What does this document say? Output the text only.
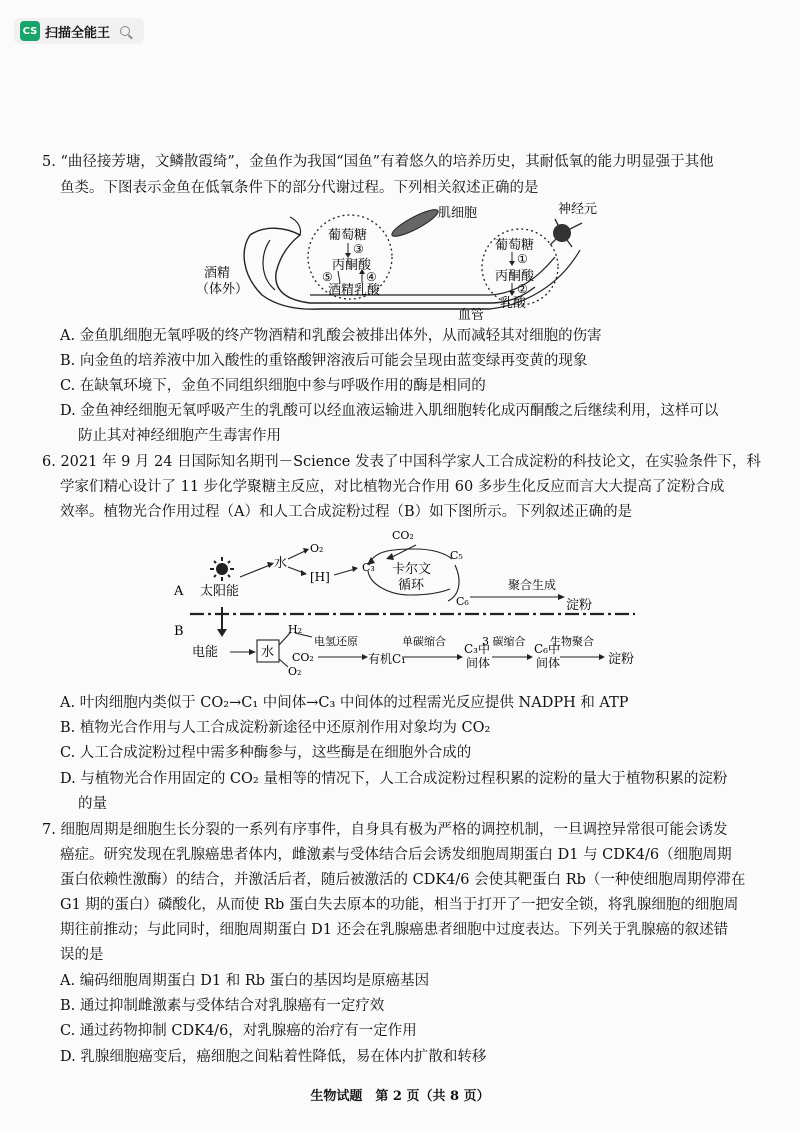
CS 扫描全能王
5. “曲径接芳塘，文鳞散霞绮”，金鱼作为我国“国鱼”有着悠久的培养历史，其耐低氧的能力明显强于其他
鱼类。下图表示金鱼在低氧条件下的部分代谢过程。下列相关叙述正确的是
肌细胞	神经元
葡萄糖
③
丙酮酸
⑤	④
酒精乳酸
葡萄糖
①
丙酮酸
②
乳酸
酒精
（体外）
血管
A. 金鱼肌细胞无氧呼吸的终产物酒精和乳酸会被排出体外，从而减轻其对细胞的伤害
B. 向金鱼的培养液中加入酸性的重铬酸钾溶液后可能会呈现由蓝变绿再变黄的现象
C. 在缺氧环境下，金鱼不同组织细胞中参与呼吸作用的酶是相同的
D. 金鱼神经细胞无氧呼吸产生的乳酸可以经血液运输进入肌细胞转化成丙酮酸之后继续利用，这样可以
防止其对神经细胞产生毒害作用
6. 2021 年 9 月 24 日国际知名期刊－Science 发表了中国科学家人工合成淀粉的科技论文，在实验条件下，科
学家们精心设计了 11 步化学聚糖主反应，对比植物光合作用 60 多步生化反应而言大大提高了淀粉合成
效率。植物光合作用过程（A）和人工合成淀粉过程（B）如下图所示。下列叙述正确的是
A
B
太阳能
水
O₂
[H]
CO₂
C₃
C₅
卡尔文
循环
C₆
聚合生成
淀粉
电能	水
H₂
O₂
CO₂
电氢还原
有机C₁
单碳缩合
C₃中
间体
3 碳缩合
C₆中
间体
生物聚合
淀粉
A. 叶肉细胞内类似于 CO₂→C₁ 中间体→C₃ 中间体的过程需光反应提供 NADPH 和 ATP
B. 植物光合作用与人工合成淀粉新途径中还原剂作用对象均为 CO₂
C. 人工合成淀粉过程中需多种酶参与，这些酶是在细胞外合成的
D. 与植物光合作用固定的 CO₂ 量相等的情况下，人工合成淀粉过程积累的淀粉的量大于植物积累的淀粉
的量
7. 细胞周期是细胞生长分裂的一系列有序事件，自身具有极为严格的调控机制，一旦调控异常很可能会诱发
癌症。研究发现在乳腺癌患者体内，雌激素与受体结合后会诱发细胞周期蛋白 D1 与 CDK4/6（细胞周期
蛋白依赖性激酶）的结合，并激活后者，随后被激活的 CDK4/6 会使其靶蛋白 Rb（一种使细胞周期停滞在
G1 期的蛋白）磷酸化，从而使 Rb 蛋白失去原本的功能，相当于打开了一把安全锁，将乳腺细胞的细胞周
期往前推动；与此同时，细胞周期蛋白 D1 还会在乳腺癌患者细胞中过度表达。下列关于乳腺癌的叙述错
误的是
A. 编码细胞周期蛋白 D1 和 Rb 蛋白的基因均是原癌基因
B. 通过抑制雌激素与受体结合对乳腺癌有一定疗效
C. 通过药物抑制 CDK4/6，对乳腺癌的治疗有一定作用
D. 乳腺细胞癌变后，癌细胞之间粘着性降低，易在体内扩散和转移
生物试题　第 2 页（共 8 页）
